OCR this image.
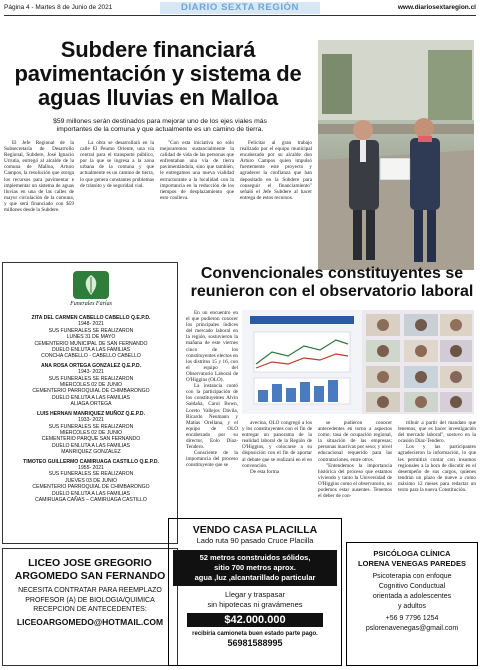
Página 4 - Martes 8 de Junio de 2021	DIARIO SEXTA REGIÓN	www.diariosextaregion.cl
Subdere financiará pavimentación y sistema de aguas lluvias en Malloa
$59 millones serán destinados para mejorar uno de los ejes viales más importantes de la comuna y que actualmente es un camino de tierra.

El Jefe Regional de la Subsecretaría de Desarrollo Regional, Subdere, José Ignacio Urrutia, entregó al alcalde de la comuna de Malloa, Arturo Campos, la resolución que otorga los recursos para pavimentar e implementar un sistema de aguas lluvias en una de las calles de mayor circulación de la comuna, y que será financiado con $59 millones desde la Subdere.

La obra se desarrollará en la calle El Peumo Oriente, una vía central para el transporte público, por la que se ingresa a la zona urbana de la comuna y que actualmente es un camino de tierra, lo que genera constantes problemas de tránsito y de seguridad vial.

"Con esta iniciativa no sólo mejoraremos sustancialmente la calidad de vida de las personas que enfrentaban una vía de tierra pavimentándola, sino que también, le entregamos una nueva vialidad estructurante a la localidad con la importancia en la reducción de los tiempos de desplazamiento que esto conlleva.

Felicitar al gran trabajo realizado por el equipo municipal encabezado por su alcalde don Arturo Campos quien impulsó fuertemente este proyecto y agradecer la confianza que han depositado en la Subdere para conseguir el financiamiento" señaló el Jefe Subdere al hacer entrega de estos recursos.

Funerales Farías
ZITA DEL CARMEN CABELLO CABELLO Q.E.P.D.
1948- 2021
SUS FUNERALES SE REALIZARON
LUNES 31 DE MAYO
CEMENTERIO MUNICIPAL DE SAN FERNANDO
DUELO ENLUTA A LAS FAMILIAS
CONCHA CABELLO - CABELLO CABELLO
ANA ROSA ORTEGA GONZALEZ Q.E.P.D.
1943- 2021
SUS FUNERALES SE REALIZARON
MIERCOLES 02 DE JUNIO
CEMENTERIO PARROQUIAL DE CHIMBARONGO
DUELO ENLUTA A LAS FAMILIAS
ALIAGA ORTEGA
LUIS HERNAN MANRIQUEZ MUÑOZ Q.E.P.D.
1933- 2021
SUS FUNERALES SE REALIZARON
MIERCOLES 02 DE JUNIO
CEMENTERIO PARQUE SAN FERNANDO
DUELO ENLUTA A LAS FAMILIAS
MANRIQUEZ GONZALEZ
TIMOTEO GUILLERMO CAMIRUAGA CASTILLO Q.E.P.D.
1955- 2021
SUS FUNERALES SE REALIZARON
JUEVES 03 DE JUNIO
CEMENTERIO PARROQUIAL DE CHIMBARONGO
DUELO ENLUTA A LAS FAMILIAS
CAMIRUAGA CAÑAS – CAMIRUAGA CASTILLO
LICEO JOSE GREGORIO
ARGOMEDO SAN FERNANDO
NECESITA CONTRATAR PARA REEMPLAZO
PROFESOR (A) DE BIOLOGIA/QUIMICA
RECEPCION DE ANTECEDENTES:
LICEOARGOMEDO@HOTMAIL.COM
Convencionales constituyentes se reunieron con el observatorio laboral

En un encuentro en el que pudieron conocer los principales índices del mercado laboral en la región, sostuvieron la mañana de este viernes cinco de los constituyentes electos en los distritos 15 y 16, con el equipo del Observatorio Laboral de O'Higgins (OLO).

La instancia contó con la participación de los constituyentes Alvin Saldaña, Carol Bown, Loreto Vallejos Dávila, Ricardo Neumann y Matías Orellana, y el equipo de OLO encabezado por su director, Eolo Díaz-Tendero.

Consciente de la importancia del proceso constituyente que se

avecina, OLO congregó a los y los constituyentes con el fin de entregar un panorama de la realidad laboral de la Región de O'Higgins, y colocarse a su disposición con el fin de aportar al debate que se realizará en el en convención.

De esta forma

se pudieron conocer antecedentes en torno a aspectos como: tasa de ocupación regional, la situación de las empresas; personas inactivas por sexo; y nivel educacional requerido para las contrataciones, entre otros.

"Entendemos la importancia histórica del proceso que estamos viviendo y tanto la Universidad de O'Higgins como el observatorio, no podemos estar ausentes. Tenemos el deber de con-

tribuir a partir del mandato que tenemos, que es hacer investigación del mercado laboral", sostuvo en la ocasión Díaz-Tendero.

Los y las participantes agradecieron la información, lo que les permitirá contar con insumos regionales a la hora de discutir en el desempeño de sus cargos, quienes tendrán un plazo de nueve a como máximo 12 meses para redactar un texto para la nueva Constitución.

VENDO CASA PLACILLA
Lado ruta 90 pasado Cruce Placilla
52 metros construidos sólidos,
sitio 700 metros aprox.
agua ,luz ,alcantarillado particular
Llegar y traspasar
sin hipotecas ni gravámenes
$42.000.000
recibiría camioneta buen estado parte pago.
56981588995
PSICÓLOGA CLÍNICA
LORENA VENEGAS PAREDES
Psicoterapia con enfoque
Cognitivo Conductual
orientada a adolescentes
y adultos
+56 9 7796 1254
pslorenavenegas@gmail.com
